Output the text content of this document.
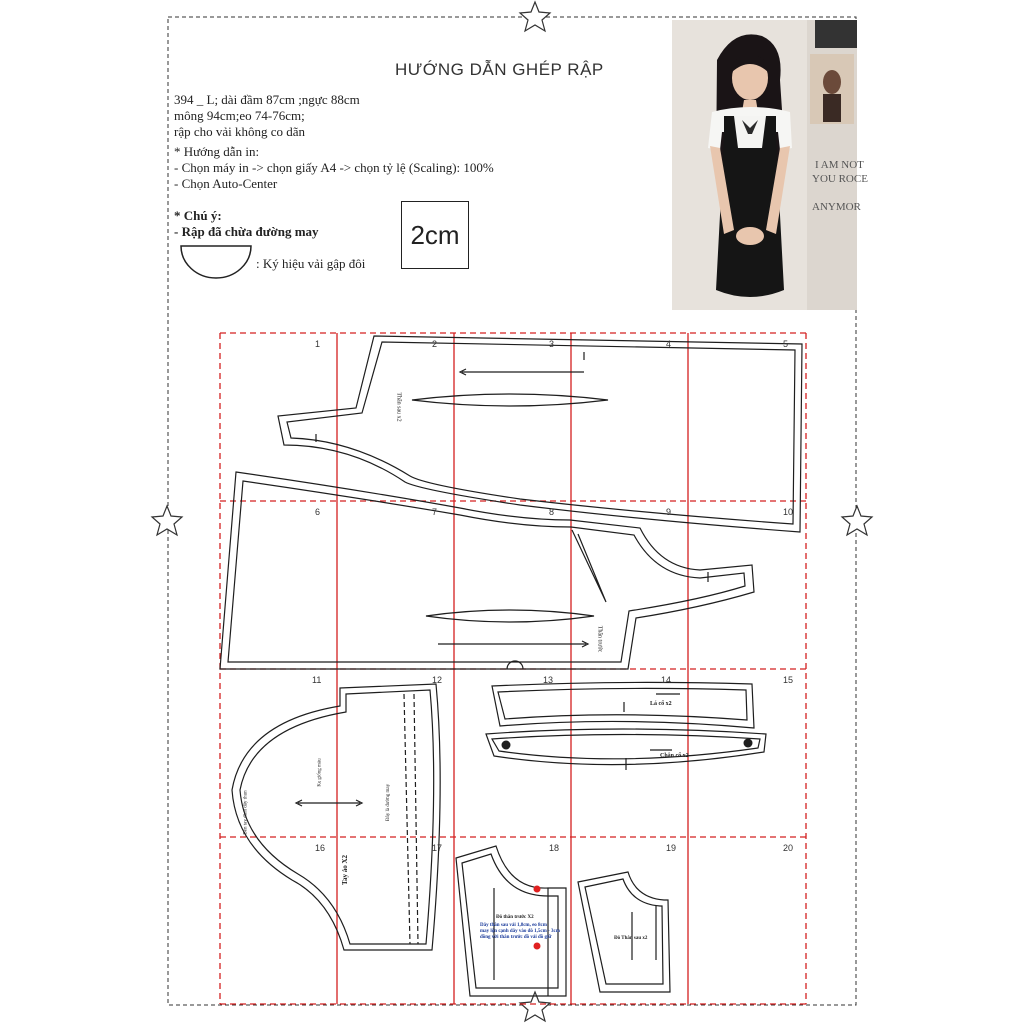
HƯỚNG DẪN GHÉP RẬP
394 _ L; dài đầm 87cm ;ngực 88cm
mông 94cm;eo 74-76cm;
rập cho vải không co dãn
* Hướng dẫn in:
- Chọn máy in -> chọn giấy A4 -> chọn tỷ lệ (Scaling): 100%
- Chọn Auto-Center
* Chú ý:
- Rập đã chừa đường may
: Ký hiệu vải gập đôi
2cm
I AM NOT
YOU ROCE
ANYMOR
1	2	3	4	5
6	7	8	9	10
11	12	13	14	15
16	17	18	19	20
Thân sau x2
Thân trước
Lá cổ x2
Chân cổ x2
Tay áo X2
Kẹ giống màu
Bên tay đính dây thun	Đây là đường may
Đô thân trước X2
Dây thân sau vải 1,8cm, eo 8cm
may lộn cạnh dây vào đô 1,5cm - 3cm
đồng với thân trước đồ vải đồ giữ	Đô Thân sau x2
